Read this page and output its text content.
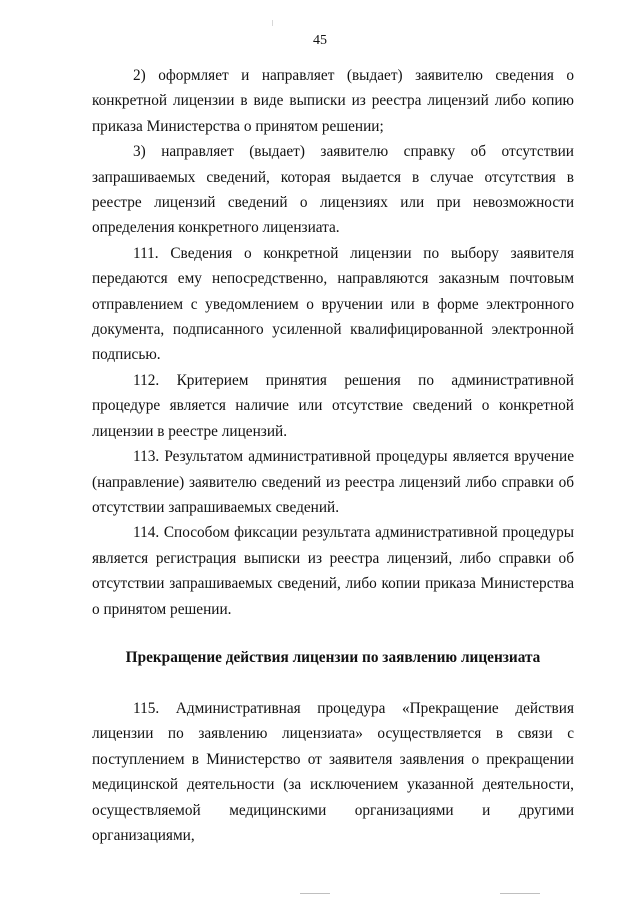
45

2) оформляет и направляет (выдает) заявителю сведения о конкретной лицензии в виде выписки из реестра лицензий либо копию приказа Министерства о принятом решении;

3) направляет (выдает) заявителю справку об отсутствии запрашиваемых сведений, которая выдается в случае отсутствия в реестре лицензий сведений о лицензиях или при невозможности определения конкретного лицензиата.

111. Сведения о конкретной лицензии по выбору заявителя передаются ему непосредственно, направляются заказным почтовым отправлением с уведомлением о вручении или в форме электронного документа, подписанного усиленной квалифицированной электронной подписью.

112. Критерием принятия решения по административной процедуре является наличие или отсутствие сведений о конкретной лицензии в реестре лицензий.

113. Результатом административной процедуры является вручение (направление) заявителю сведений из реестра лицензий либо справки об отсутствии запрашиваемых сведений.

114. Способом фиксации результата административной процедуры является регистрация выписки из реестра лицензий, либо справки об отсутствии запрашиваемых сведений, либо копии приказа Министерства о принятом решении.

Прекращение действия лицензии по заявлению лицензиата

115. Административная процедура «Прекращение действия лицензии по заявлению лицензиата» осуществляется в связи с поступлением в Министерство от заявителя заявления о прекращении медицинской деятельности (за исключением указанной деятельности, осуществляемой медицинскими организациями и другими организациями,
